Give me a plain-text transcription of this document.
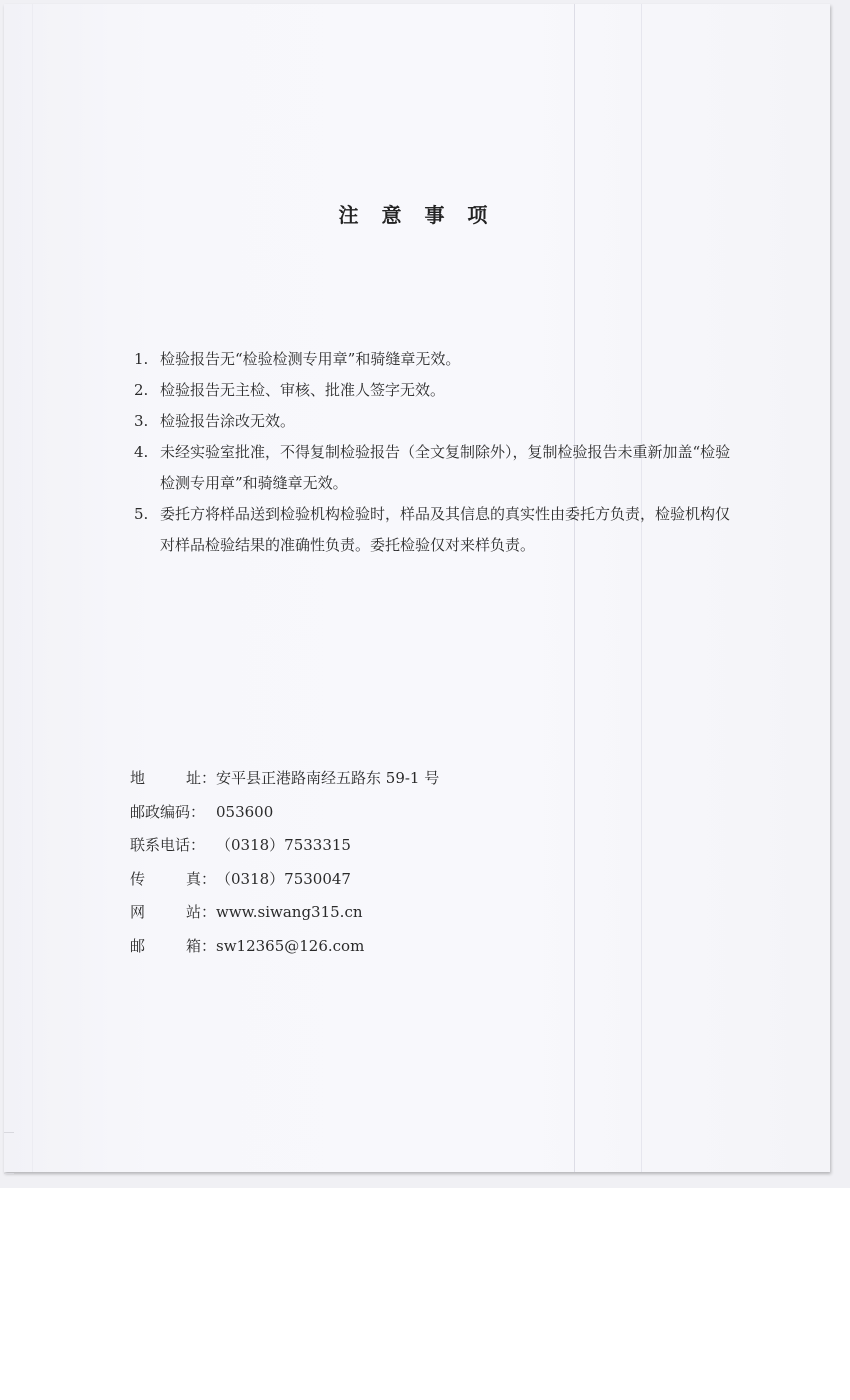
注 意 事 项
1. 检验报告无“检验检测专用章”和骑缝章无效。
2. 检验报告无主检、审核、批准人签字无效。
3. 检验报告涂改无效。
4. 未经实验室批准，不得复制检验报告（全文复制除外），复制检验报告未重新加盖“检验检测专用章”和骑缝章无效。
5. 委托方将样品送到检验机构检验时，样品及其信息的真实性由委托方负责，检验机构仅对样品检验结果的准确性负责。委托检验仅对来样负责。
地	址： 安平县正港路南经五路东 59-1 号
邮政编码： 053600
联系电话： （0318）7533315
传	真： （0318）7530047
网	站： www.siwang315.cn
邮	箱： sw12365@126.com
